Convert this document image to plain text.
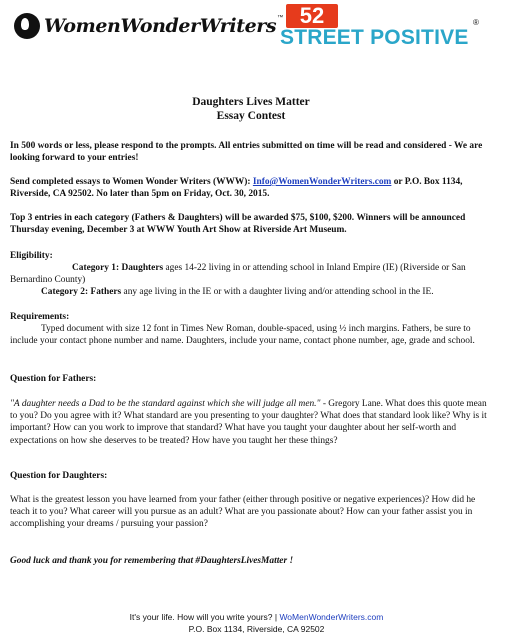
WomenWonderWriters ™ 52
STREET POSITIVE
®

Daughters Lives Matter

Essay Contest

In 500 words or less, please respond to the prompts. All entries submitted on time will be read and considered - We are looking forward to your entries!

Send completed essays to Women Wonder Writers (WWW): Info@WomenWonderWriters.com or P.O. Box 1134, Riverside, CA 92502. No later than 5pm on Friday, Oct. 30, 2015.

Top 3 entries in each category (Fathers & Daughters) will be awarded $75, $100, $200. Winners will be announced Thursday evening, December 3 at WWW Youth Art Show at Riverside Art Museum.

Eligibility:

Category 1: Daughters ages 14-22 living in or attending school in Inland Empire (IE) (Riverside or San Bernardino County)

Category 2: Fathers any age living in the IE or with a daughter living and/or attending school in the IE.

Requirements:

Typed document with size 12 font in Times New Roman, double-spaced, using ½ inch margins. Fathers, be sure to include your contact phone number and name. Daughters, include your name, contact phone number, age, grade and school.

Question for Fathers:

"A daughter needs a Dad to be the standard against which she will judge all men." - Gregory Lane. What does this quote mean to you? Do you agree with it? What standard are you presenting to your daughter? What does that standard look like? Why is it important? How can you work to improve that standard? What have you taught your daughter about her self-worth and expectations on how she deserves to be treated? How have you taught her these things?

Question for Daughters:

What is the greatest lesson you have learned from your father (either through positive or negative experiences)? How did he teach it to you? What career will you pursue as an adult? What are you passionate about? How can your father assist you in accomplishing your dreams / pursuing your passion?

Good luck and thank you for remembering that #DaughtersLivesMatter !

It's your life. How will you write yours? | WoMenWonderWriters.com
P.O. Box 1134, Riverside, CA 92502
